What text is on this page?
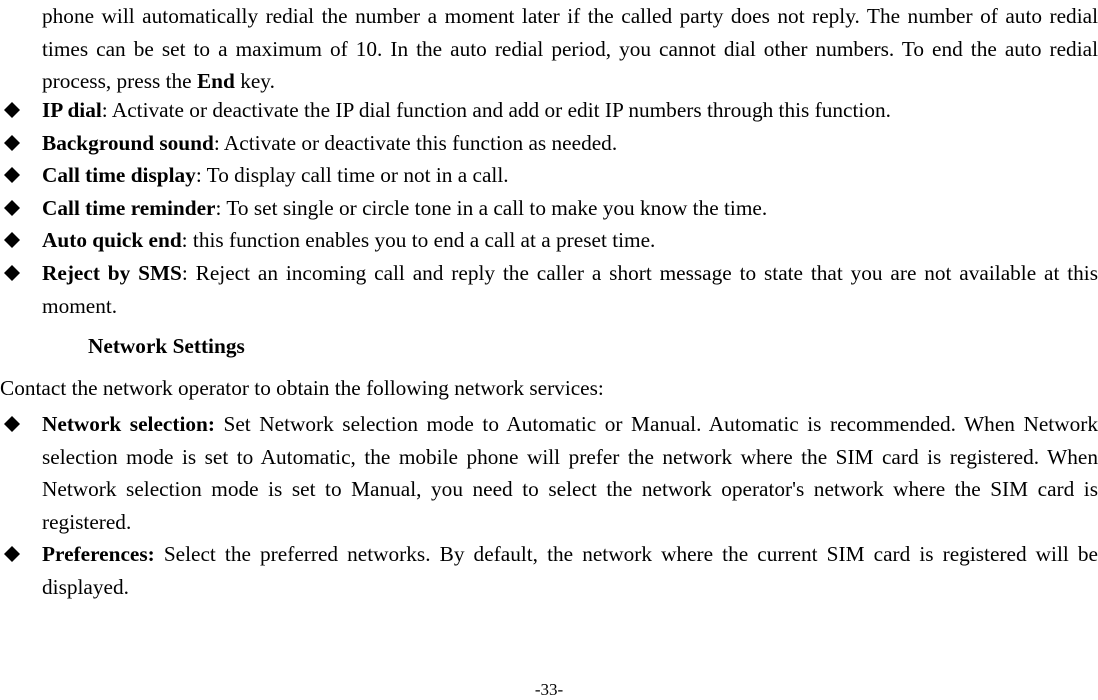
phone will automatically redial the number a moment later if the called party does not reply. The number of auto redial times can be set to a maximum of 10. In the auto redial period, you cannot dial other numbers. To end the auto redial process, press the End key.

IP dial: Activate or deactivate the IP dial function and add or edit IP numbers through this function.
Background sound: Activate or deactivate this function as needed.
Call time display: To display call time or not in a call.
Call time reminder: To set single or circle tone in a call to make you know the time.
Auto quick end: this function enables you to end a call at a preset time.
Reject by SMS: Reject an incoming call and reply the caller a short message to state that you are not available at this moment.
Network Settings

Contact the network operator to obtain the following network services:

Network selection: Set Network selection mode to Automatic or Manual. Automatic is recommended. When Network selection mode is set to Automatic, the mobile phone will prefer the network where the SIM card is registered. When Network selection mode is set to Manual, you need to select the network operator's network where the SIM card is registered.
Preferences: Select the preferred networks. By default, the network where the current SIM card is registered will be displayed.
-33-
